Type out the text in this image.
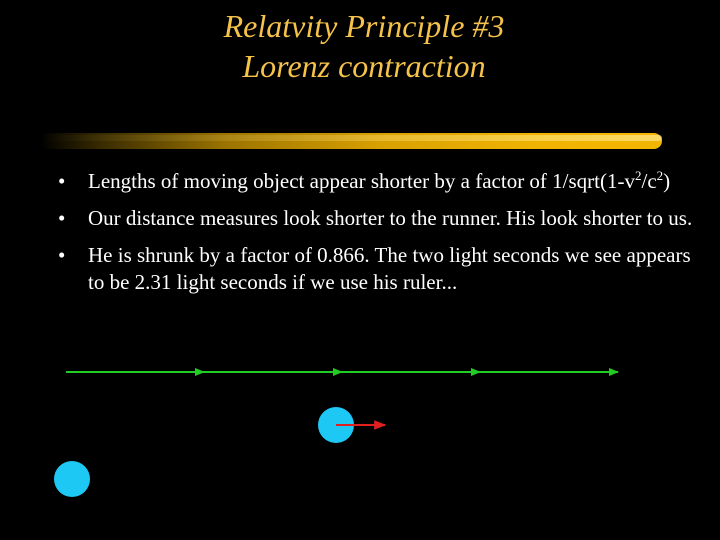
Relatvity Principle #3
Lorenz contraction
• Lengths of moving object appear shorter by a factor of $1/sqrt(1-v^2/c^2)$
• Our distance measures look shorter to the runner. His look shorter to us.
• He is shrunk by a factor of 0.866. The two light seconds we see appears to be 2.31 light seconds if we use his ruler...
